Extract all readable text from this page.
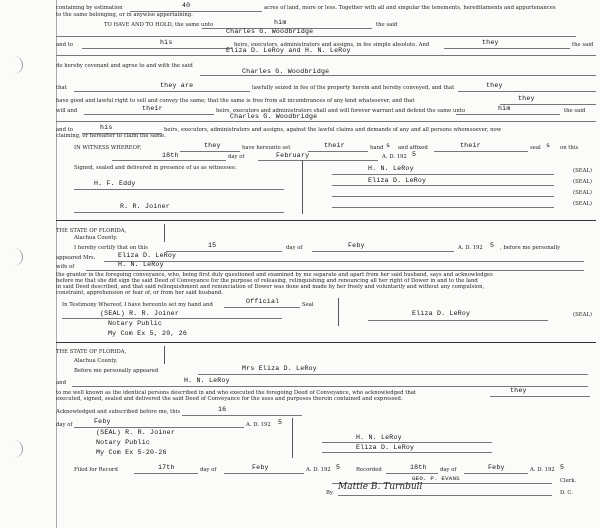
containing by estimation	40	acres of land, more or less. Together with all and singular the tenements, hereditaments and appurtenances
to the same belonging, or in anywise appertaining.
TO HAVE AND TO HOLD, the same unto	him	the said
Charles G. Woodbridge
and to	his	heirs, executors, administrators and assigns, in fee simple absolute. And	they	the said
Eliza D. LeRoy and H. N. LeRoy
do hereby covenant and agree to and with the said
Charles G. Woodbridge
that	they are	lawfully seized in fee of the property herein and hereby conveyed, and that	they
have good and lawful right to sell and convey the same; that the same is free from all incumbrances of any kind whatsoever, and that	they
will and	their	heirs, executors and administrators shall and will forever warrant and defend the same unto	him	the said
Charles G. Woodbridge
and to	his	heirs, executors, administrators and assigns, against the lawful claims and demands of any and all persons whomsoever, now
claiming, or hereafter to claim the same.
IN WITNESS WHEREOF,	they	have hereunto set	their	hand s and affixed	their	seal s on this
18th	day of	February	A. D. 192 5
Signed, sealed and delivered in presence of us as witnesses:
H. F. Eddy
R. R. Joiner
H. N. LeRoy	(SEAL)
Eliza D. LeRoy	(SEAL)
(SEAL)
(SEAL)
THE STATE OF FLORIDA,
Alachua County.
I hereby certify that on this	15	day of	Feby	A. D. 192 5 , before me personally
appeared Mrs.	Eliza D. LeRoy
wife of	H. N. LeRoy
the grantor in the foregoing conveyance, who, being first duly questioned and examined by me separate and apart from her said husband, says and acknowledges
before me that she did sign the said Deed of Conveyance for the purpose of releasing, relinquishing and renouncing all her right of Dower in and to the land
in said Deed described, and that said relinquishment and renunciation of Dower was done and made by her freely and voluntarily and without any compulsion,
constraint, apprehension or fear of, or from her said husband.
In Testimony Whereof, I have hereunto set my hand and	Official	Seal
(SEAL) R. R. Joiner
Notary Public
My Com Ex 5, 20, 26
Eliza D. LeRoy	(SEAL)
THE STATE OF FLORIDA,
Alachua County.
Before me personally appeared	Mrs Eliza D. LeRoy
and	H. N. LeRoy
to me well known as the identical persons described in and who executed the foregoing Deed of Conveyance, who acknowledged that	they
executed, signed, sealed and delivered the said Deed of Conveyance for the uses and purposes therein contained and expressed.
Acknowledged and subscribed before me, this	16
Feby
day of	A. D. 192 5
(SEAL) R. R. Joiner
Notary Public
My Com Ex 5-20-26
H. N. LeRoy
Eliza D. LeRoy
Filed for Record	17th	day of	Feby	A. D. 192 5	Recorded	18th	day of	Feby	A. D. 192 5
GEO. P. EVANS	Clerk.
By
Mattie B. Turnbull
D. C.
